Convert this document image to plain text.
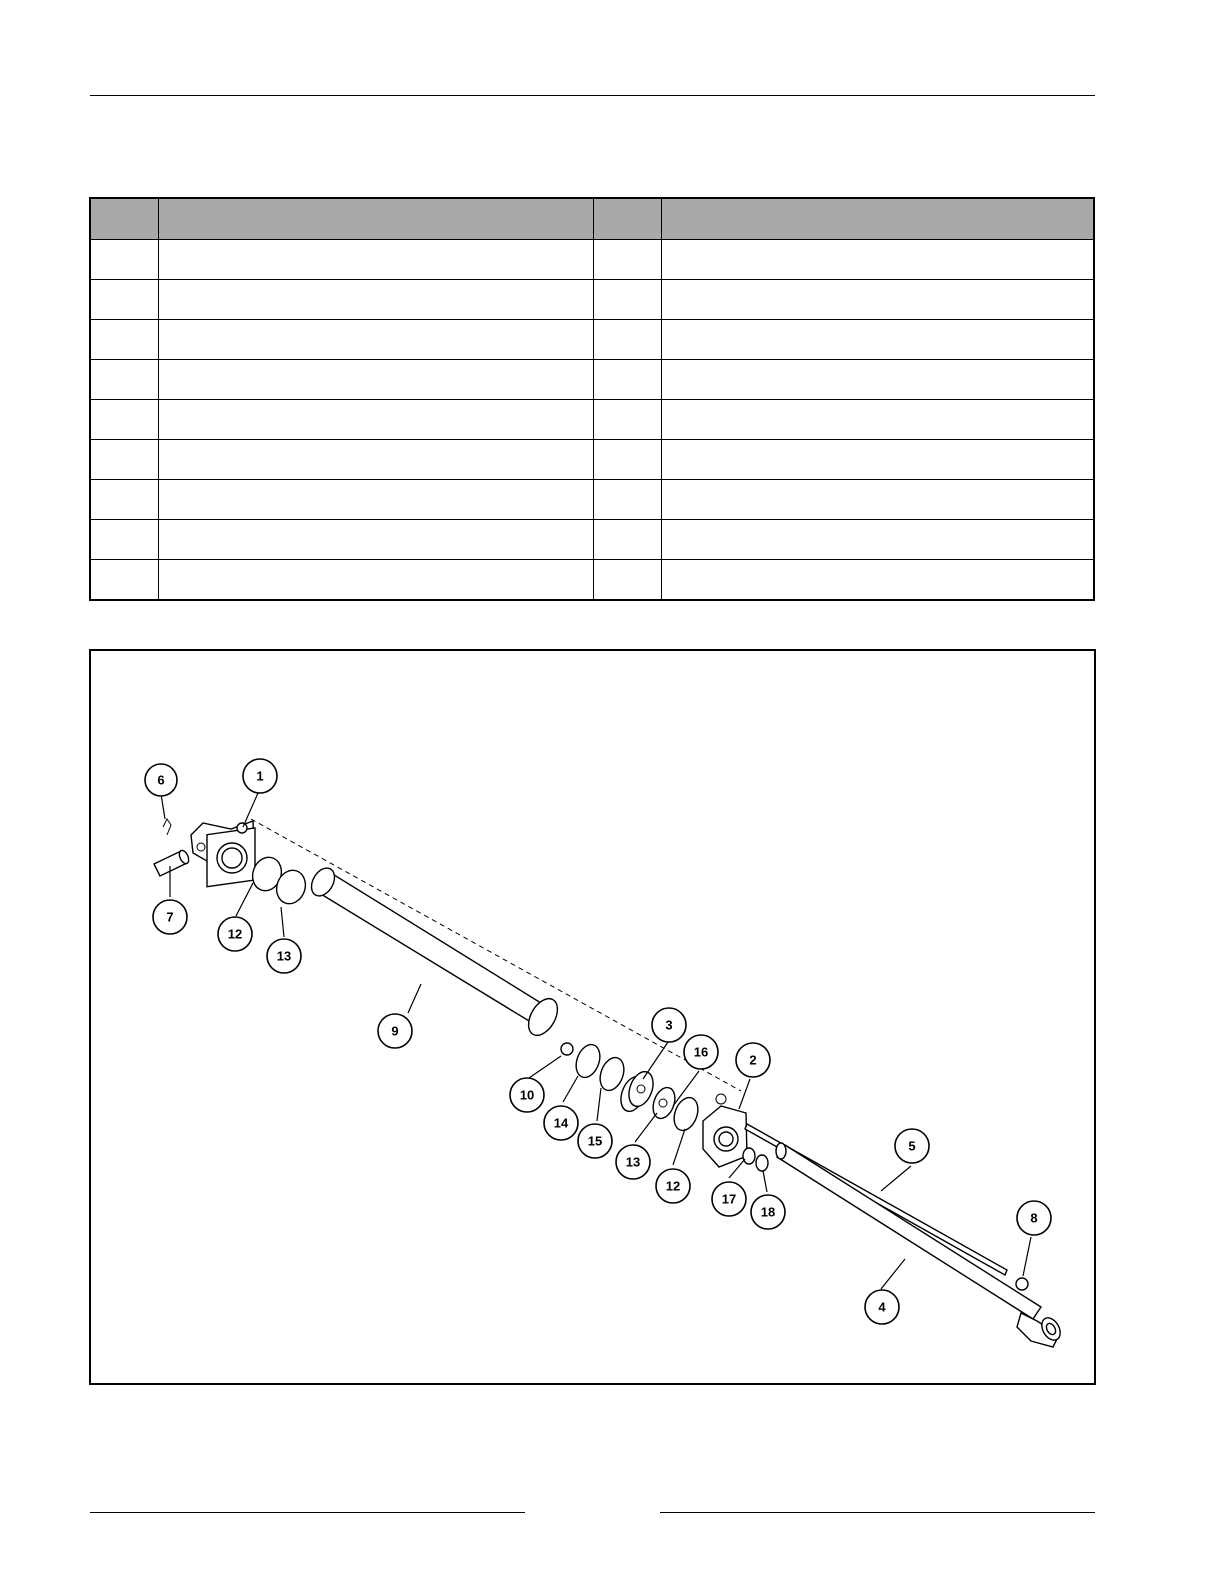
6	1
7
12
13
9
10
14
15
3
16
13
12
2
17
18
5
8
4
